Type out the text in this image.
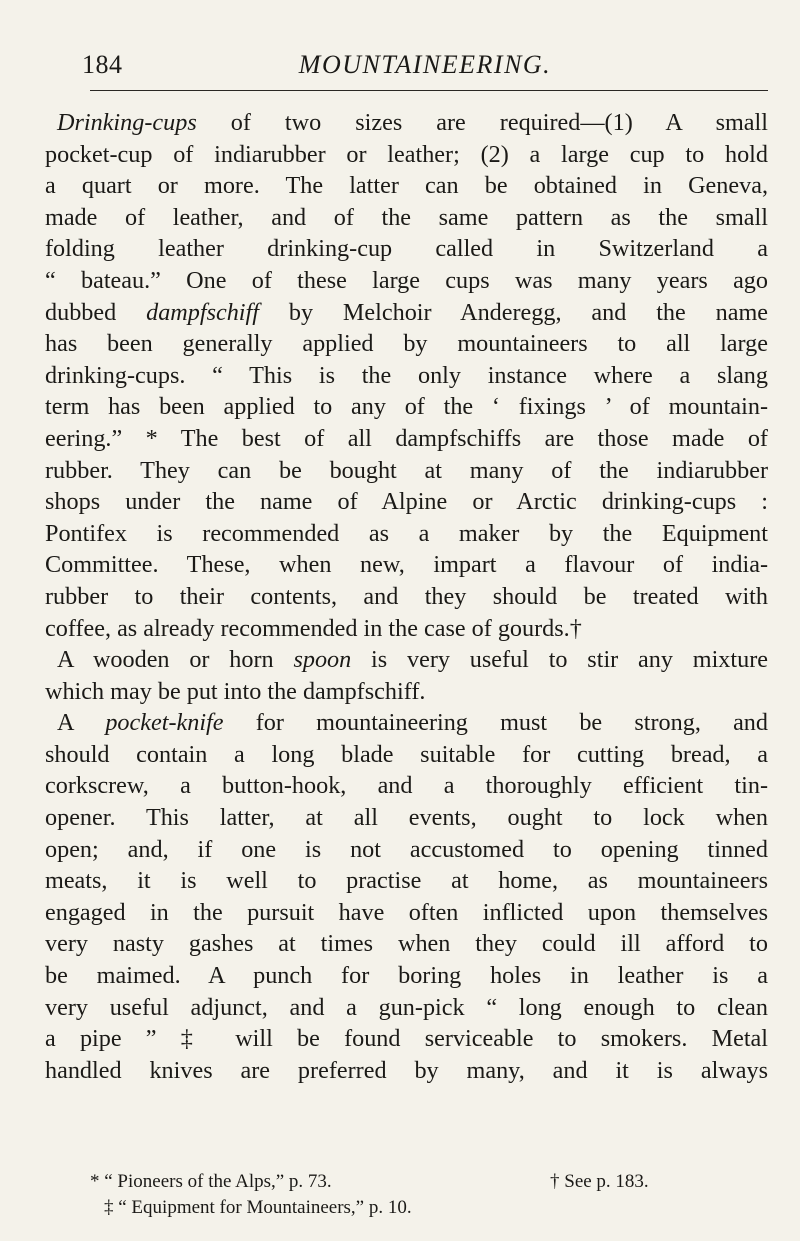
184	MOUNTAINEERING.
Drinking-cups of two sizes are required—(1) A small
pocket-cup of indiarubber or leather; (2) a large cup to hold
a quart or more. The latter can be obtained in Geneva,
made of leather, and of the same pattern as the small
folding leather drinking-cup called in Switzerland a
“ bateau.” One of these large cups was many years ago
dubbed dampfschiff by Melchoir Anderegg, and the name
has been generally applied by mountaineers to all large
drinking-cups. “ This is the only instance where a slang
term has been applied to any of the ‘ fixings ’ of mountain-
eering.” * The best of all dampfschiffs are those made of
rubber. They can be bought at many of the indiarubber
shops under the name of Alpine or Arctic drinking-cups :
Pontifex is recommended as a maker by the Equipment
Committee. These, when new, impart a flavour of india-
rubber to their contents, and they should be treated with
coffee, as already recommended in the case of gourds.†
A wooden or horn spoon is very useful to stir any mixture
which may be put into the dampfschiff.
A pocket-knife for mountaineering must be strong, and
should contain a long blade suitable for cutting bread, a
corkscrew, a button-hook, and a thoroughly efficient tin-
opener. This latter, at all events, ought to lock when
open; and, if one is not accustomed to opening tinned
meats, it is well to practise at home, as mountaineers
engaged in the pursuit have often inflicted upon themselves
very nasty gashes at times when they could ill afford to
be maimed. A punch for boring holes in leather is a
very useful adjunct, and a gun-pick “ long enough to clean
a pipe ” ‡ will be found serviceable to smokers. Metal
handled knives are preferred by many, and it is always
* “ Pioneers of the Alps,” p. 73.	† See p. 183.
‡ “ Equipment for Mountaineers,” p. 10.
